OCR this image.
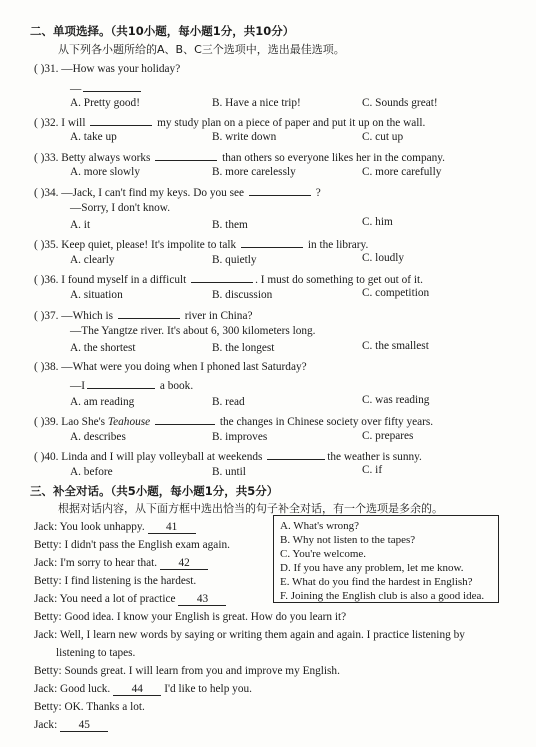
二、单项选择。（共10小题，每小题1分，共10分）
从下列各小题所给的A、B、C三个选项中，选出最佳选项。
( )31. —How was your holiday?
—
A. Pretty good!	B. Have a nice trip!	C. Sounds great!
( )32. I will	my study plan on a piece of paper and put it up on the wall.
A. take up	B. write down	C. cut up
( )33. Betty always works	than others so everyone likes her in the company.
A. more slowly	B. more carelessly	C. more carefully
( )34. —Jack, I can't find my keys. Do you see	?
—Sorry, I don't know.
A. it	B. them	C. him
( )35. Keep quiet, please! It's impolite to talk	in the library.
A. clearly	B. quietly	C. loudly
( )36. I found myself in a difficult	. I must do something to get out of it.
A. situation	B. discussion	C. competition
( )37. —Which is	river in China?
—The Yangtze river. It's about 6, 300 kilometers long.
A. the shortest	B. the longest	C. the smallest
( )38. —What were you doing when I phoned last Saturday?
—I	a book.
A. am reading	B. read	C. was reading
( )39. Lao She's Teahouse	the changes in Chinese society over fifty years.
A. describes	B. improves	C. prepares
( )40. Linda and I will play volleyball at weekends	the weather is sunny.
A. before	B. until	C. if
三、补全对话。（共5小题，每小题1分，共5分）
根据对话内容，从下面方框中选出恰当的句子补全对话，有一个选项是多余的。
A. What's wrong?
B. Why not listen to the tapes?
C. You're welcome.
D. If you have any problem, let me know.
E. What do you find the hardest in English?
F. Joining the English club is also a good idea.
Jack: You look unhappy. 41
Betty: I didn't pass the English exam again.
Jack: I'm sorry to hear that. 42
Betty: I find listening is the hardest.
Jack: You need a lot of practice 43
Betty: Good idea. I know your English is great. How do you learn it?
Jack: Well, I learn new words by saying or writing them again and again. I practice listening by
listening to tapes.
Betty: Sounds great. I will learn from you and improve my English.
Jack: Good luck. 44 I'd like to help you.
Betty: OK. Thanks a lot.
Jack: 45
